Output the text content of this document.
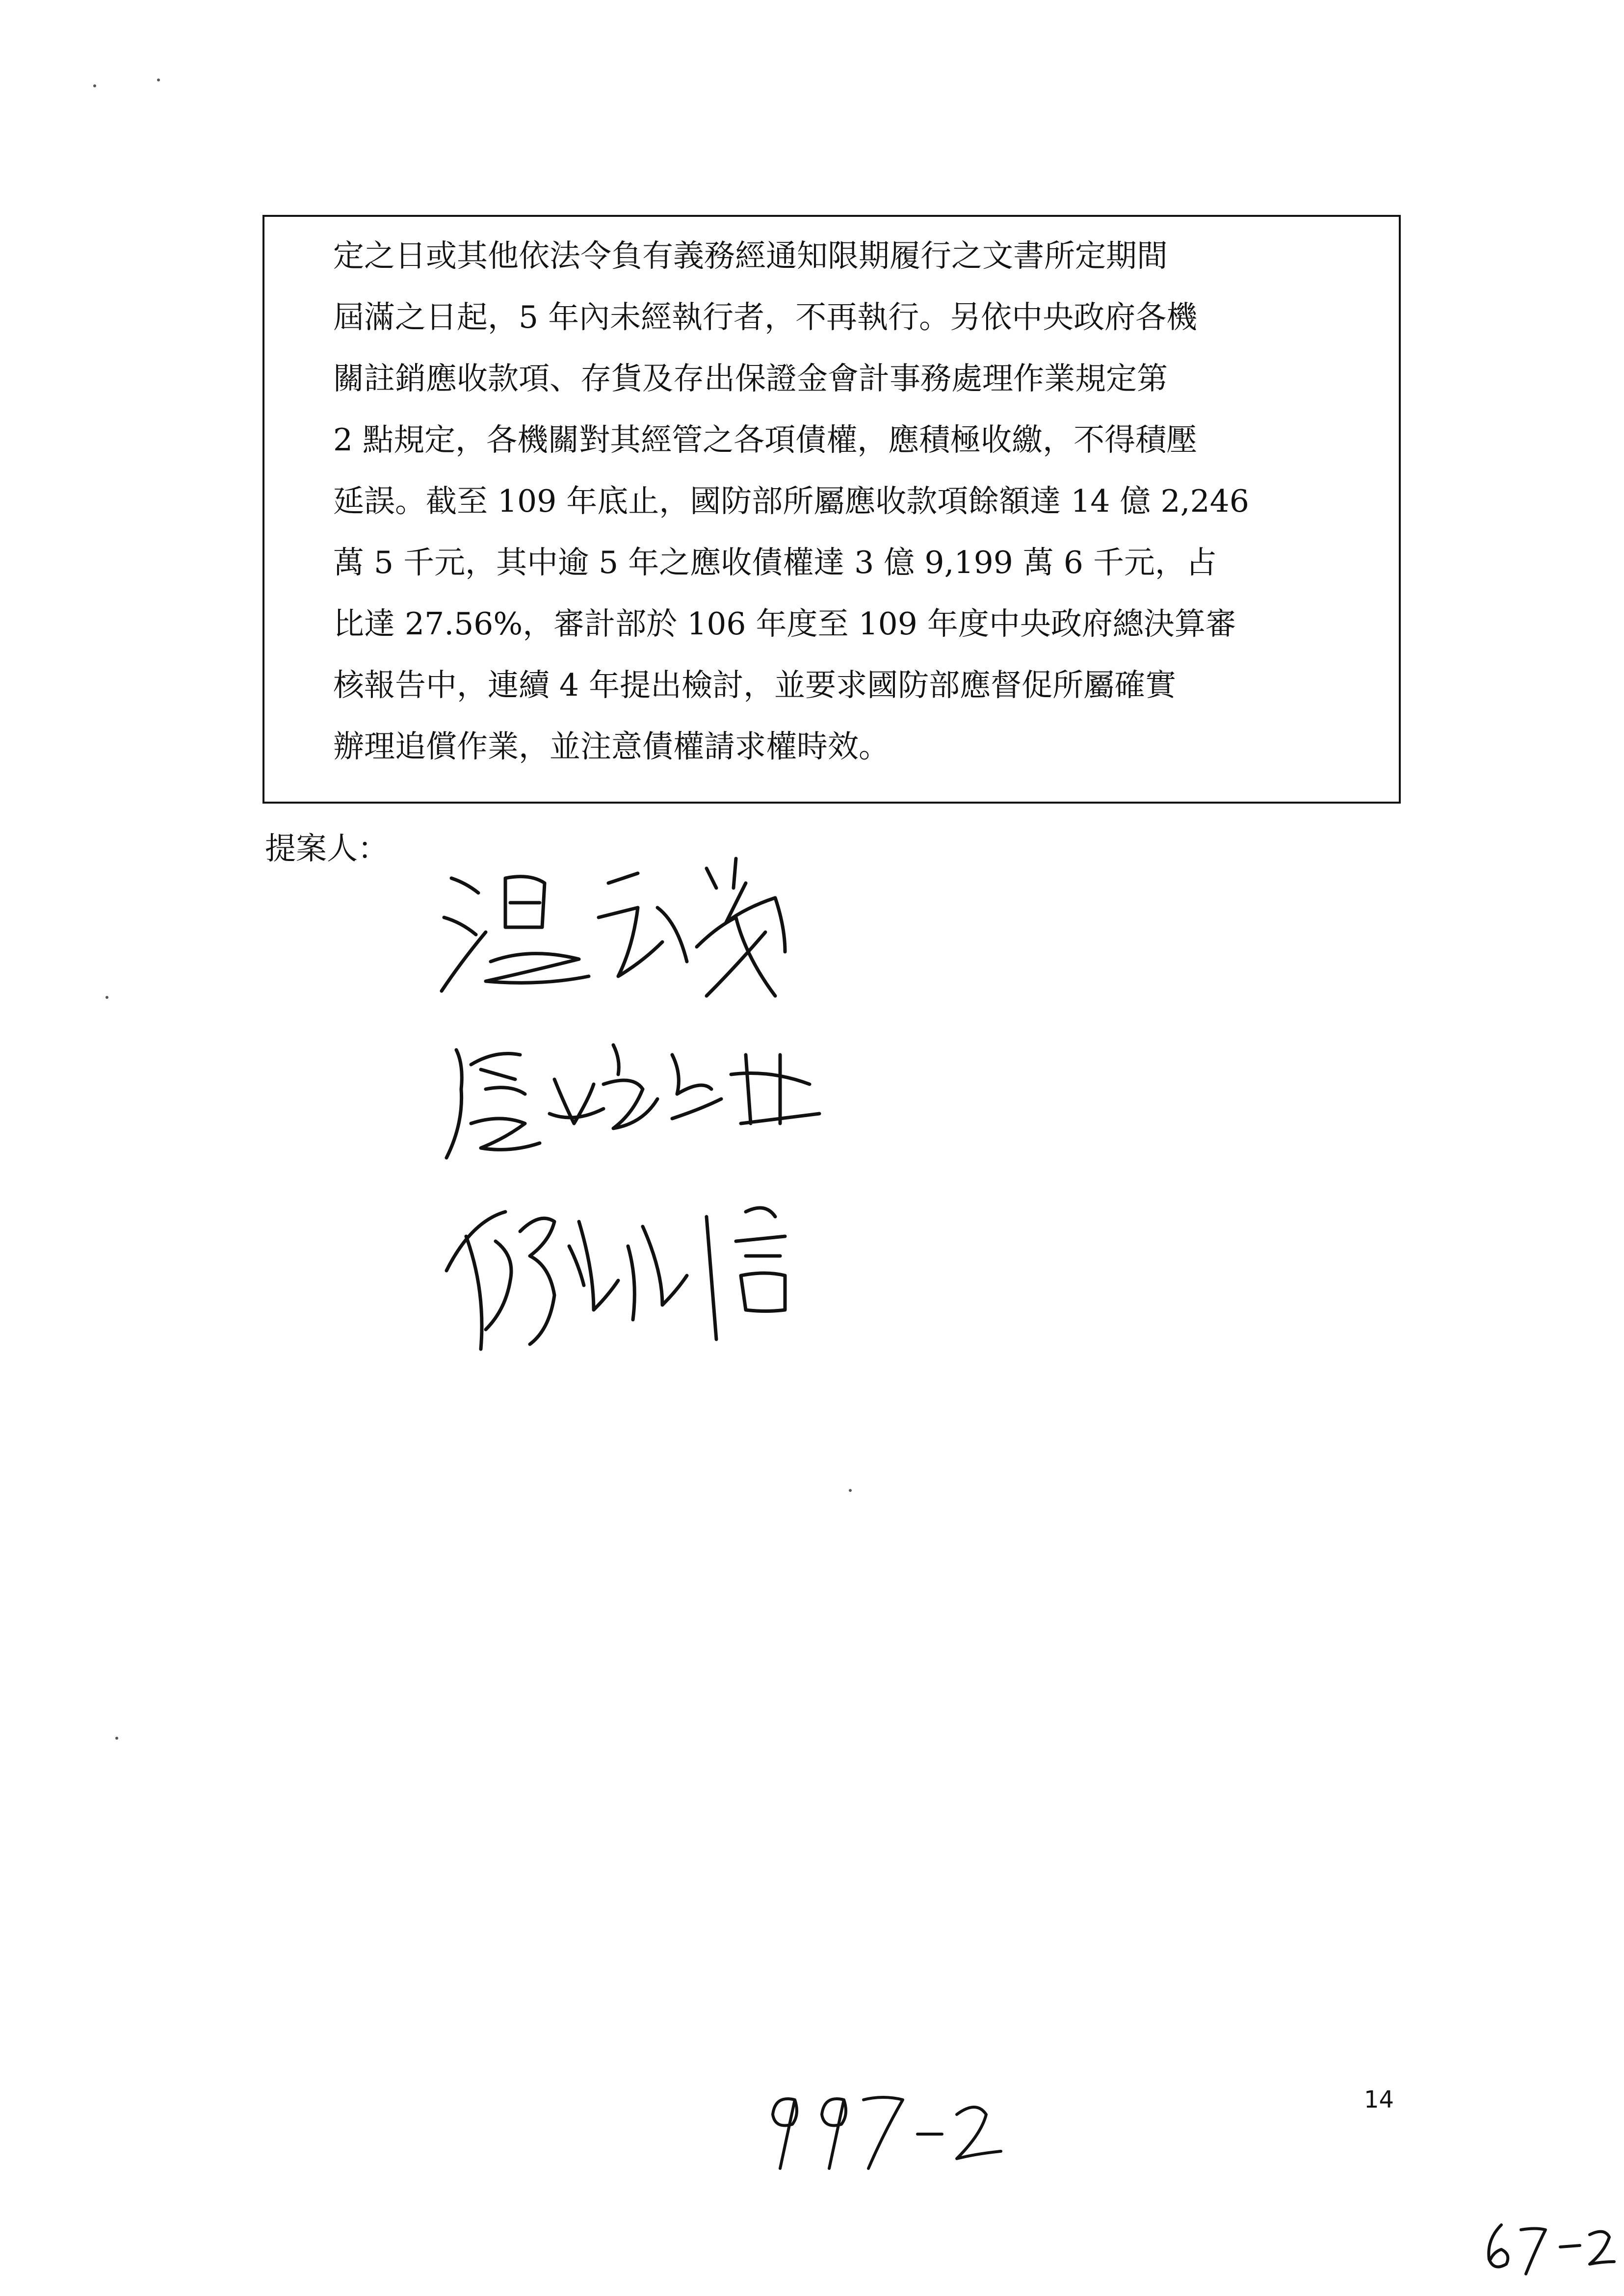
定之日或其他依法令負有義務經通知限期履行之文書所定期間
屆滿之日起，5 年內未經執行者，不再執行。另依中央政府各機
關註銷應收款項、存貨及存出保證金會計事務處理作業規定第
2 點規定，各機關對其經管之各項債權，應積極收繳，不得積壓
延誤。截至 109 年底止，國防部所屬應收款項餘額達 14 億 2,246
萬 5 千元，其中逾 5 年之應收債權達 3 億 9,199 萬 6 千元，占
比達 27.56%，審計部於 106 年度至 109 年度中央政府總決算審
核報告中，連續 4 年提出檢討，並要求國防部應督促所屬確實
辦理追償作業，並注意債權請求權時效。
提案人：
14
